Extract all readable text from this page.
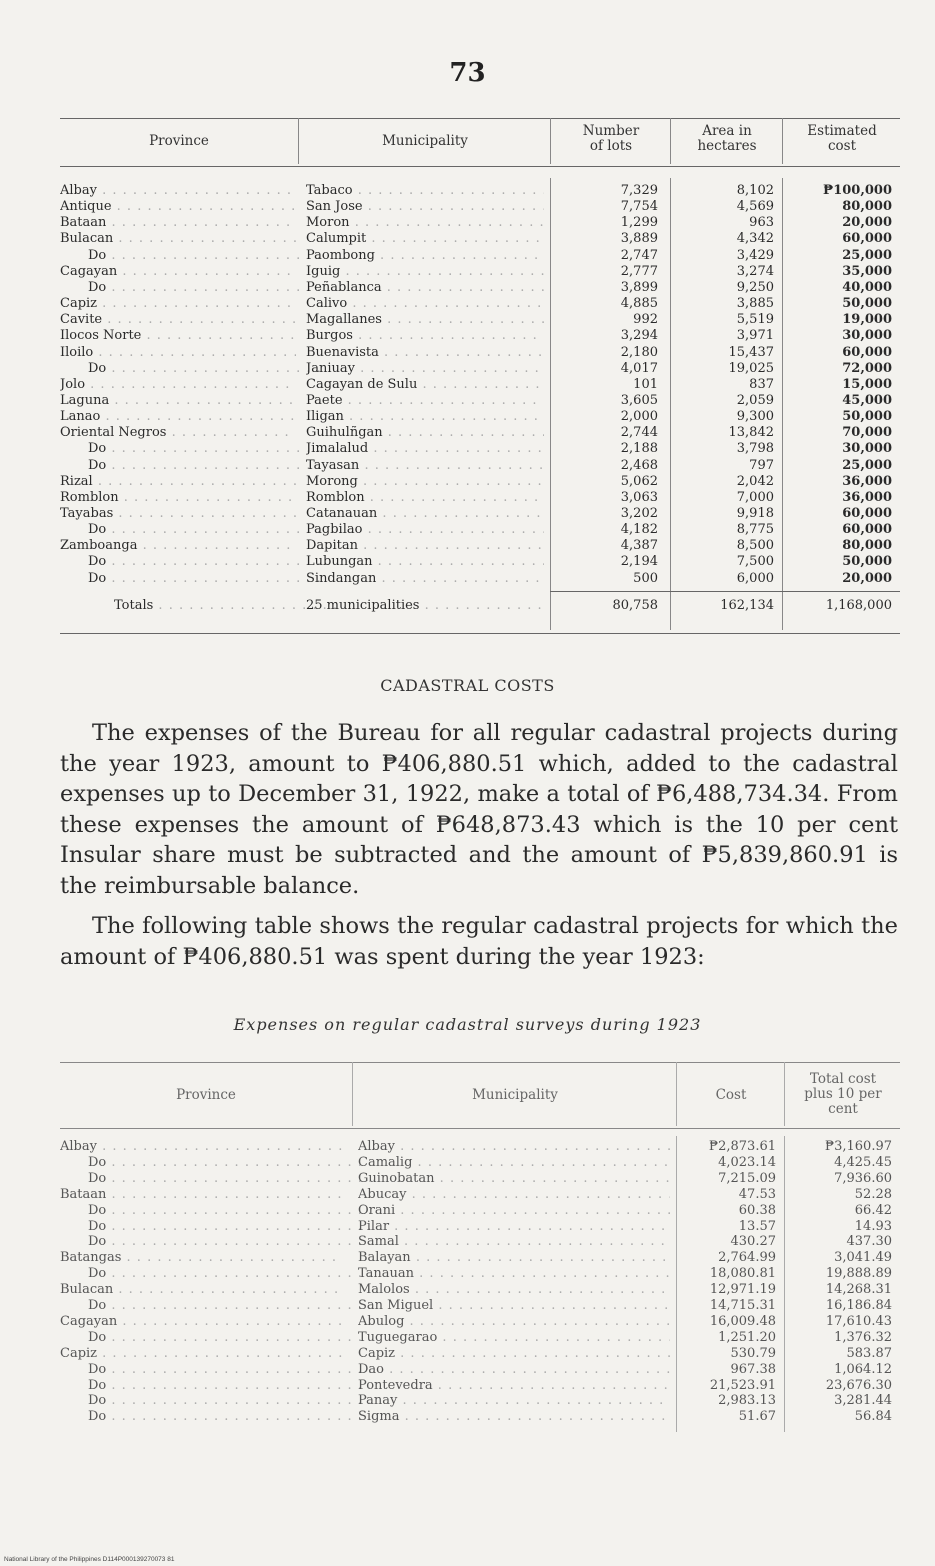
73
Province	Municipality
Number
of lots
Area in
hectares
Estimated
cost
Albay . . .	Tabaco . . .	7,329	8,102	₱100,000
Antique . . .	San Jose . . .	7,754	4,569	80,000
Bataan . . .	Moron . . .	1,299	963	20,000
Bulacan . . .	Calumpit . . .	3,889	4,342	60,000
Do . . .	Paombong . . .	2,747	3,429	25,000
Cagayan . . .	Iguig . . .	2,777	3,274	35,000
Do . . .	Peñablanca . . .	3,899	9,250	40,000
Capiz . . .	Calivo . . .	4,885	3,885	50,000
Cavite . . .	Magallanes . . .	992	5,519	19,000
Ilocos Norte . . .	Burgos . . .	3,294	3,971	30,000
Iloilo . . .	Buenavista . . .	2,180	15,437	60,000
Do . . .	Janiuay . . .	4,017	19,025	72,000
Jolo . . .	Cagayan de Sulu . . .	101	837	15,000
Laguna . . .	Paete . . .	3,605	2,059	45,000
Lanao . . .	Iligan . . .	2,000	9,300	50,000
Oriental Negros . . .	Guihulñgan . . .	2,744	13,842	70,000
Do . . .	Jimalalud . . .	2,188	3,798	30,000
Do . . .	Tayasan . . .	2,468	797	25,000
Rizal . . .	Morong . . .	5,062	2,042	36,000
Romblon . . .	Romblon . . .	3,063	7,000	36,000
Tayabas . . .	Catanauan . . .	3,202	9,918	60,000
Do . . .	Pagbilao . . .	4,182	8,775	60,000
Zamboanga . . .	Dapitan . . .	4,387	8,500	80,000
Do . . .	Lubungan . . .	2,194	7,500	50,000
Do . . .	Sindangan . . .	500	6,000	20,000
Totals . . .	25 municipalities . . .	80,758	162,134	1,168,000
CADASTRAL COSTS
The expenses of the Bureau for all regular cadastral projects during the year 1923, amount to ₱406,880.51 which, added to the cadastral expenses up to December 31, 1922, make a total of ₱6,488,734.34. From these expenses the amount of ₱648,873.43 which is the 10 per cent Insular share must be subtracted and the amount of ₱5,839,860.91 is the reimbursable balance.
The following table shows the regular cadastral projects for which the amount of ₱406,880.51 was spent during the year 1923:
Expenses on regular cadastral surveys during 1923
Province	Municipality	Cost
Total cost
plus 10 per
cent
Albay . . .	Albay . . .	₱2,873.61	₱3,160.97
Do . . .	Camalig . . .	4,023.14	4,425.45
Do . . .	Guinobatan . . .	7,215.09	7,936.60
Bataan . . .	Abucay . . .	47.53	52.28
Do . . .	Orani . . .	60.38	66.42
Do . . .	Pilar . . .	13.57	14.93
Do . . .	Samal . . .	430.27	437.30
Batangas . . .	Balayan . . .	2,764.99	3,041.49
Do . . .	Tanauan . . .	18,080.81	19,888.89
Bulacan . . .	Malolos . . .	12,971.19	14,268.31
Do . . .	San Miguel . . .	14,715.31	16,186.84
Cagayan . . .	Abulog . . .	16,009.48	17,610.43
Do . . .	Tuguegarao . . .	1,251.20	1,376.32
Capiz . . .	Capiz . . .	530.79	583.87
Do . . .	Dao . . .	967.38	1,064.12
Do . . .	Pontevedra . . .	21,523.91	23,676.30
Do . . .	Panay . . .	2,983.13	3,281.44
Do . . .	Sigma . . .	51.67	56.84
National Library of the Philippines D114P000139270073 81
